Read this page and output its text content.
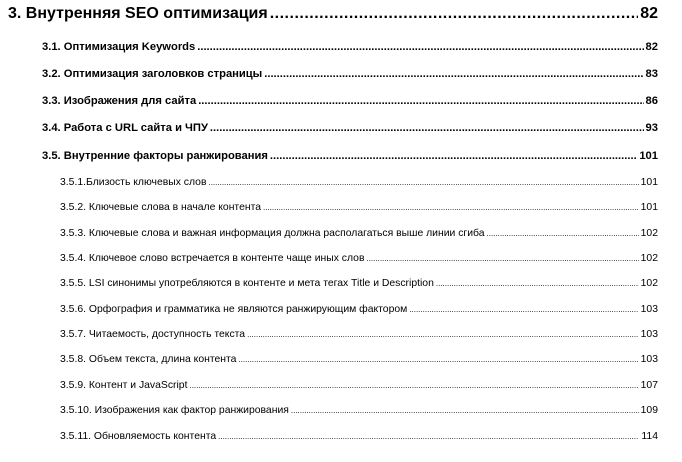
3. Внутренняя SEO оптимизация .....	82
3.1. Оптимизация Keywords .....	82
3.2. Оптимизация заголовков страницы .....	83
3.3. Изображения для сайта .....	86
3.4. Работа с URL сайта и ЧПУ .....	93
3.5. Внутренние факторы ранжирования .....	101
3.5.1.Близость ключевых слов .....	101
3.5.2. Ключевые слова в начале контента .....	101
3.5.3. Ключевые слова и важная информация должна располагаться выше линии сгиба .....	102
3.5.4. Ключевое слово встречается в контенте чаще иных слов .....	102
3.5.5. LSI синонимы употребляются в контенте и мета тегах Title и Description .....	102
3.5.6. Орфография и грамматика не являются ранжирующим фактором .....	103
3.5.7. Читаемость, доступность текста .....	103
3.5.8. Объем текста, длина контента .....	103
3.5.9. Контент и JavaScript .....	107
3.5.10. Изображения как фактор ранжирования .....	109
3.5.11. Обновляемость контента .....	114
